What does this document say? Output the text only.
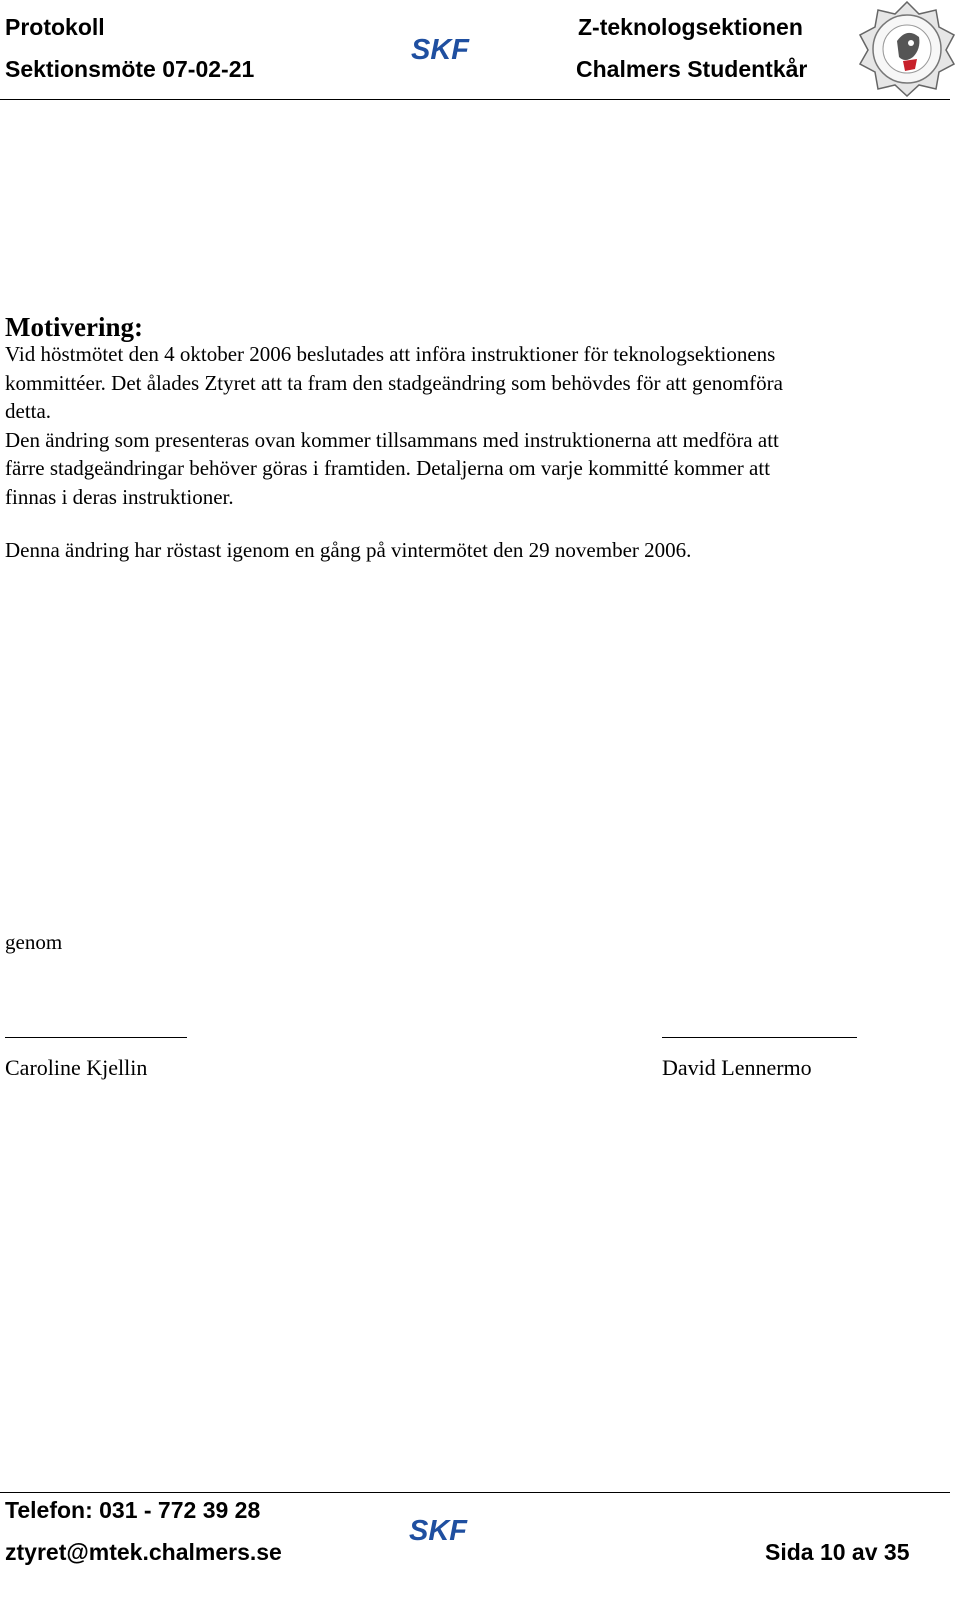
Protokoll
Sektionsmöte 07-02-21
Z-teknologsektionen
Chalmers Studentkår
SKF
Motivering:
Vid höstmötet den 4 oktober 2006 beslutades att införa instruktioner för teknologsektionens
kommittéer. Det ålades Ztyret att ta fram den stadgeändring som behövdes för att genomföra
detta.
Den ändring som presenteras ovan kommer tillsammans med instruktionerna att medföra att
färre stadgeändringar behöver göras i framtiden. Detaljerna om varje kommitté kommer att
finnas i deras instruktioner.
Denna ändring har röstast igenom en gång på vintermötet den 29 november 2006.
genom
Caroline Kjellin	David Lennermo
Telefon: 031 - 772 39 28
ztyret@mtek.chalmers.se	Sida 10 av 35
SKF
